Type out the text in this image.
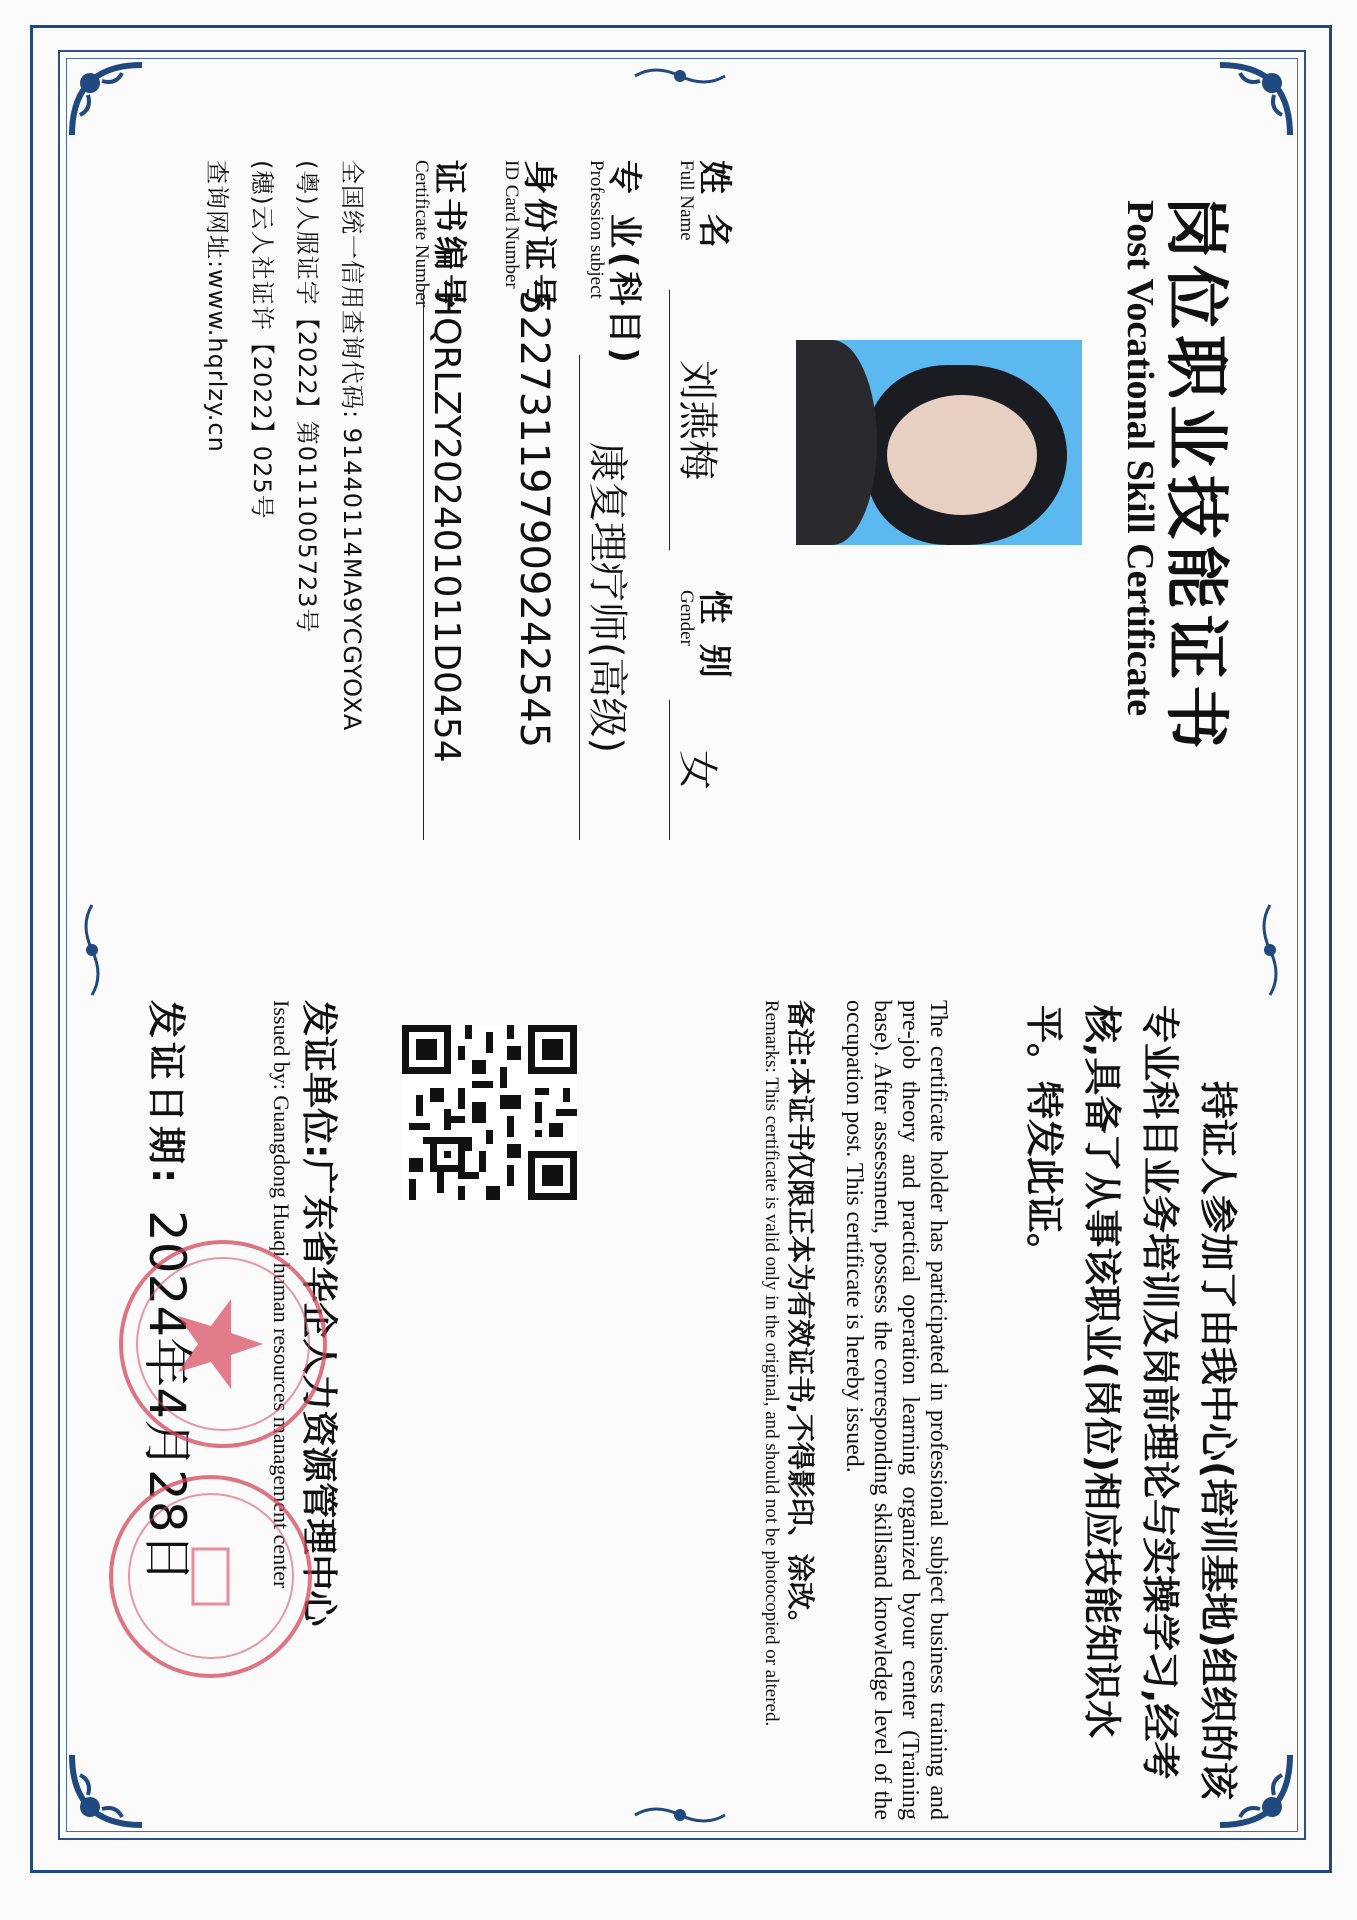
岗位职业技能证书
Post Vocational Skill Certificate
姓 名
Full Name
刘燕梅
性 别
Gender
女
专 业(科目)
Profession subject
康复理疗师(高级)
身份证号
ID Card Number
522731197909242545
证书编号
Certificate Number
HQRLZY202401011D0454
全国统一信用查询代码: 91440114MA9YCGYOXA
(粤)人服证字【2022】第0111005723号
(穗)云人社证许【2022】025号
查询网址:www.hqrlzy.cn
持证人参加了由我中心(培训基地)组织的该专业科目业务培训及岗前理论与实操学习,经考核,具备了从事该职业(岗位)相应技能知识水平。特发此证。
The certificate holder has participated in professional subject business training and pre-job theory and practical operation learning organized byour center (Training base). After assessment, possess the corresponding skillsand knowledge level of the occupation post. This certificate is hereby issued.
备注:本证书仅限正本为有效证书,不得影印、涂改。
Remarks: This certificate is valid only in the original, and should not be photocopied or altered.
发证单位:广东省华企人力资源管理中心
Issued by: Guangdong Huaqi human resources management center
发证日期:
2024年4月28日
